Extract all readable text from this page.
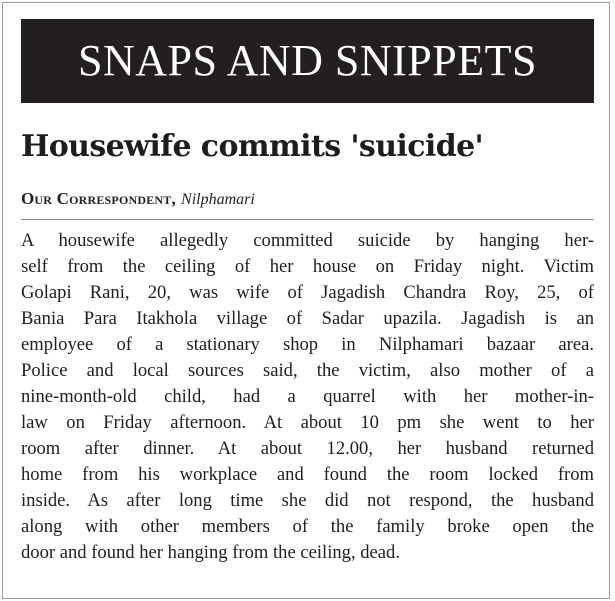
SNAPS AND SNIPPETS
Housewife commits 'suicide'
Our Correspondent, Nilphamari
A housewife allegedly committed suicide by hanging her-
self from the ceiling of her house on Friday night. Victim
Golapi Rani, 20, was wife of Jagadish Chandra Roy, 25, of
Bania Para Itakhola village of Sadar upazila. Jagadish is an
employee of a stationary shop in Nilphamari bazaar area.
Police and local sources said, the victim, also mother of a
nine-month-old child, had a quarrel with her mother-in-
law on Friday afternoon. At about 10 pm she went to her
room after dinner. At about 12.00, her husband returned
home from his workplace and found the room locked from
inside. As after long time she did not respond, the husband
along with other members of the family broke open the
door and found her hanging from the ceiling, dead.
